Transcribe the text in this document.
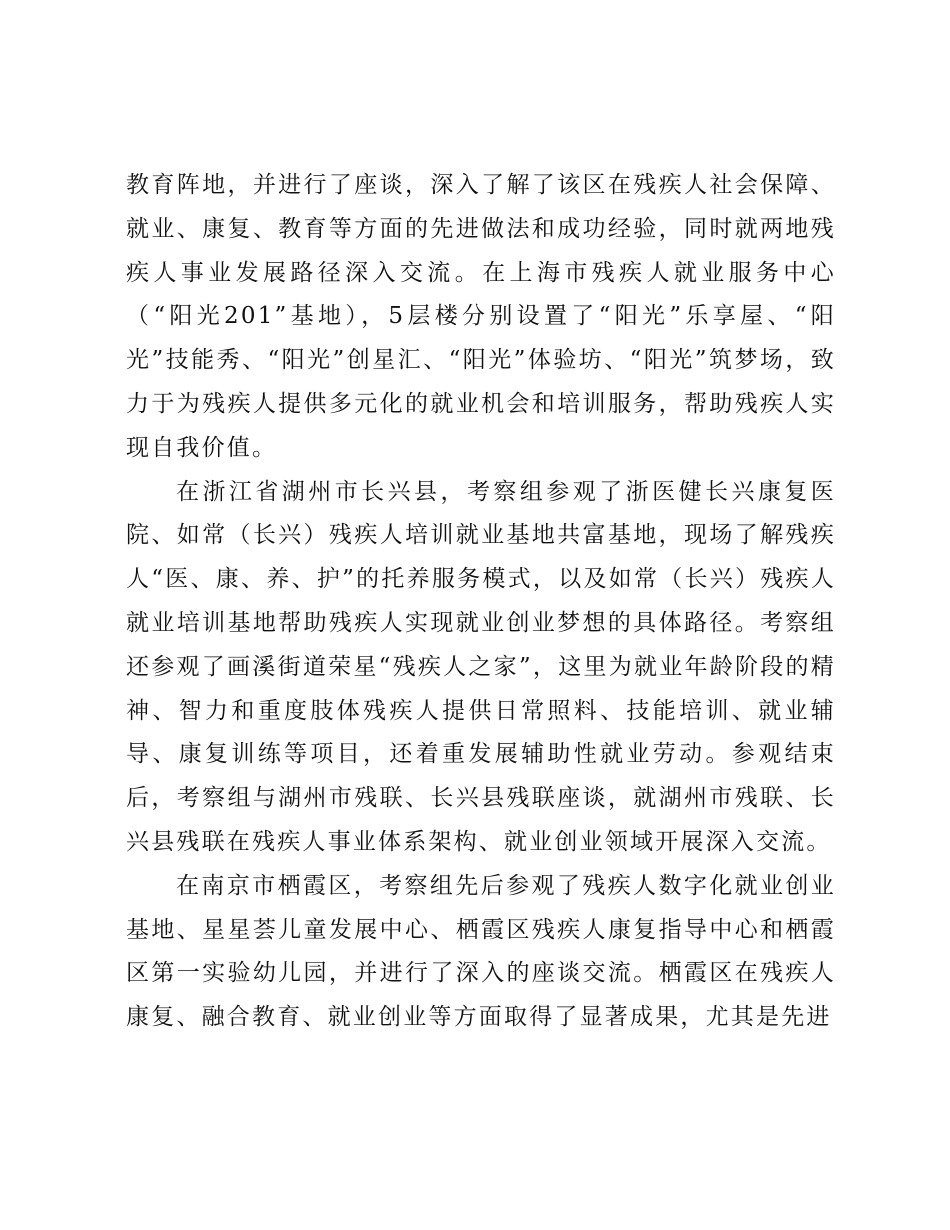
教育阵地，并进行了座谈，深入了解了该区在残疾人社会保障、就业、康复、教育等方面的先进做法和成功经验，同时就两地残疾人事业发展路径深入交流。在上海市残疾人就业服务中心（“阳光201”基地），5层楼分别设置了“阳光”乐享屋、“阳光”技能秀、“阳光”创星汇、“阳光”体验坊、“阳光”筑梦场，致力于为残疾人提供多元化的就业机会和培训服务，帮助残疾人实现自我价值。

在浙江省湖州市长兴县，考察组参观了浙医健长兴康复医院、如常（长兴）残疾人培训就业基地共富基地，现场了解残疾人“医、康、养、护”的托养服务模式，以及如常（长兴）残疾人就业培训基地帮助残疾人实现就业创业梦想的具体路径。考察组还参观了画溪街道荣星“残疾人之家”，这里为就业年龄阶段的精神、智力和重度肢体残疾人提供日常照料、技能培训、就业辅导、康复训练等项目，还着重发展辅助性就业劳动。参观结束后，考察组与湖州市残联、长兴县残联座谈，就湖州市残联、长兴县残联在残疾人事业体系架构、就业创业领域开展深入交流。

在南京市栖霞区，考察组先后参观了残疾人数字化就业创业基地、星星荟儿童发展中心、栖霞区残疾人康复指导中心和栖霞区第一实验幼儿园，并进行了深入的座谈交流。栖霞区在残疾人康复、融合教育、就业创业等方面取得了显著成果，尤其是先进
